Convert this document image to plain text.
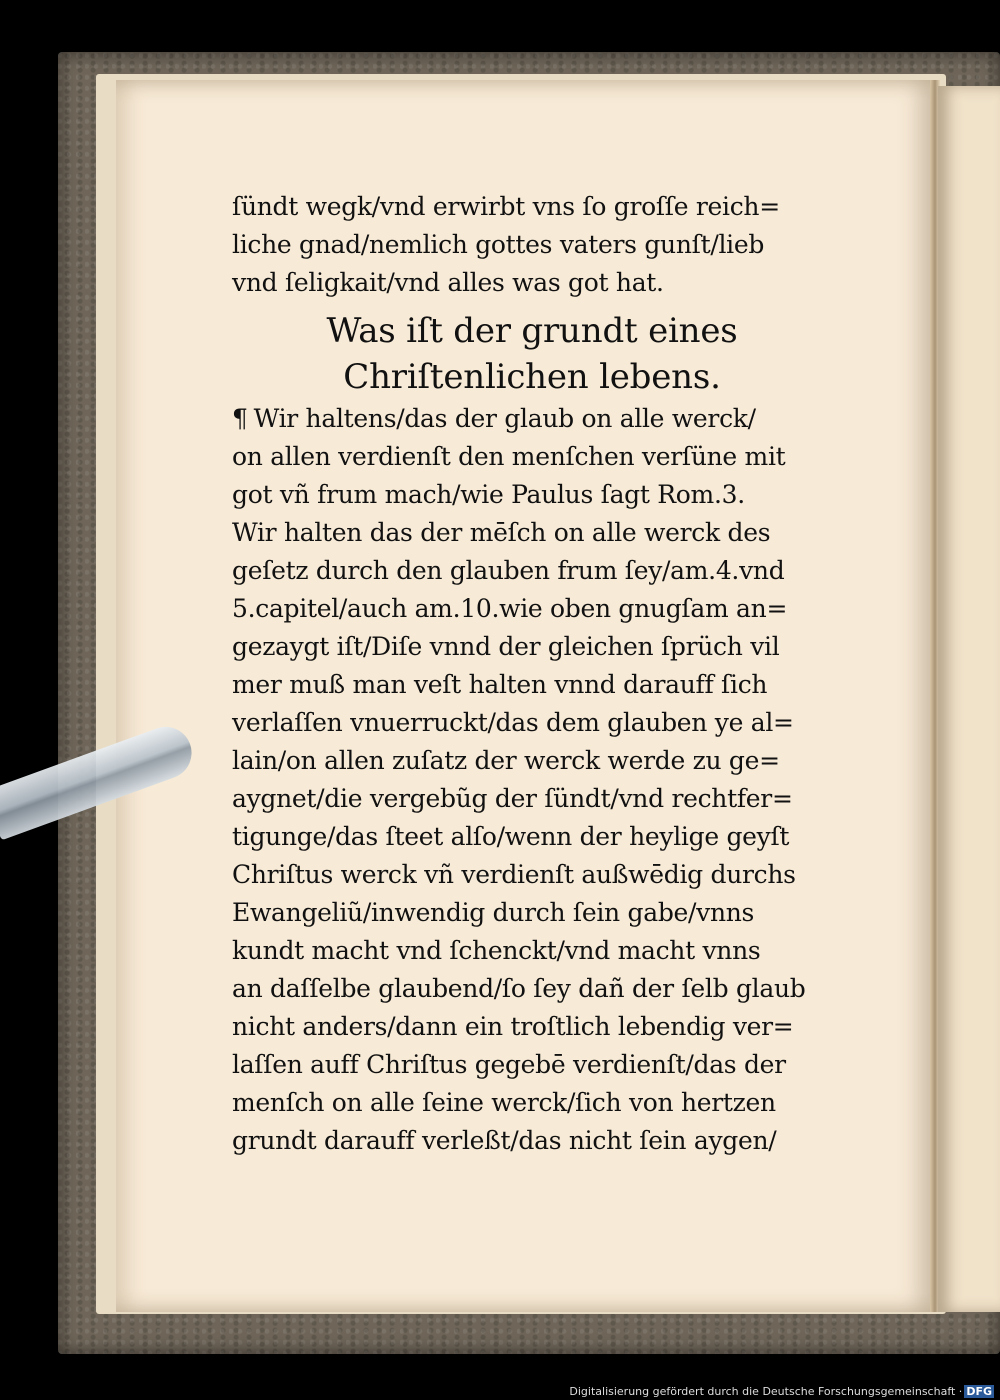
ſündt wegk/vnd erwirbt vns ſo groſſe reich=
liche gnad/nemlich gottes vaters gunſt/lieb
vnd ſeligkait/vnd alles was got hat.
Was iſt der grundt eines
Chriſtenlichen lebens.
¶ Wir haltens/das der glaub on alle werck/
on allen verdienſt den menſchen verſüne mit
got vñ frum mach/wie Paulus ſagt Rom.3.
Wir halten das der mēſch on alle werck des
geſetz durch den glauben frum ſey/am.4.vnd
5.capitel/auch am.10.wie oben gnugſam an=
gezaygt iſt/Diſe vnnd der gleichen ſprüch vil
mer muß man veſt halten vnnd darauff ſich
verlaſſen vnuerruckt/das dem glauben ye al=
lain/on allen zuſatz der werck werde zu ge=
aygnet/die vergebũg der ſündt/vnd rechtfer=
tigunge/das ſteet alſo/wenn der heylige geyſt
Chriſtus werck vñ verdienſt außwēdig durchs
Ewangeliũ/inwendig durch ſein gabe/vnns
kundt macht vnd ſchenckt/vnd macht vnns
an daſſelbe glaubend/ſo ſey dañ der ſelb glaub
nicht anders/dann ein troſtlich lebendig ver=
laſſen auff Chriſtus gegebē verdienſt/das der
menſch on alle ſeine werck/ſich von hertzen
grundt darauff verleßt/das nicht ſein aygen/
Digitalisierung gefördert durch die Deutsche Forschungsgemeinschaft · DFG
